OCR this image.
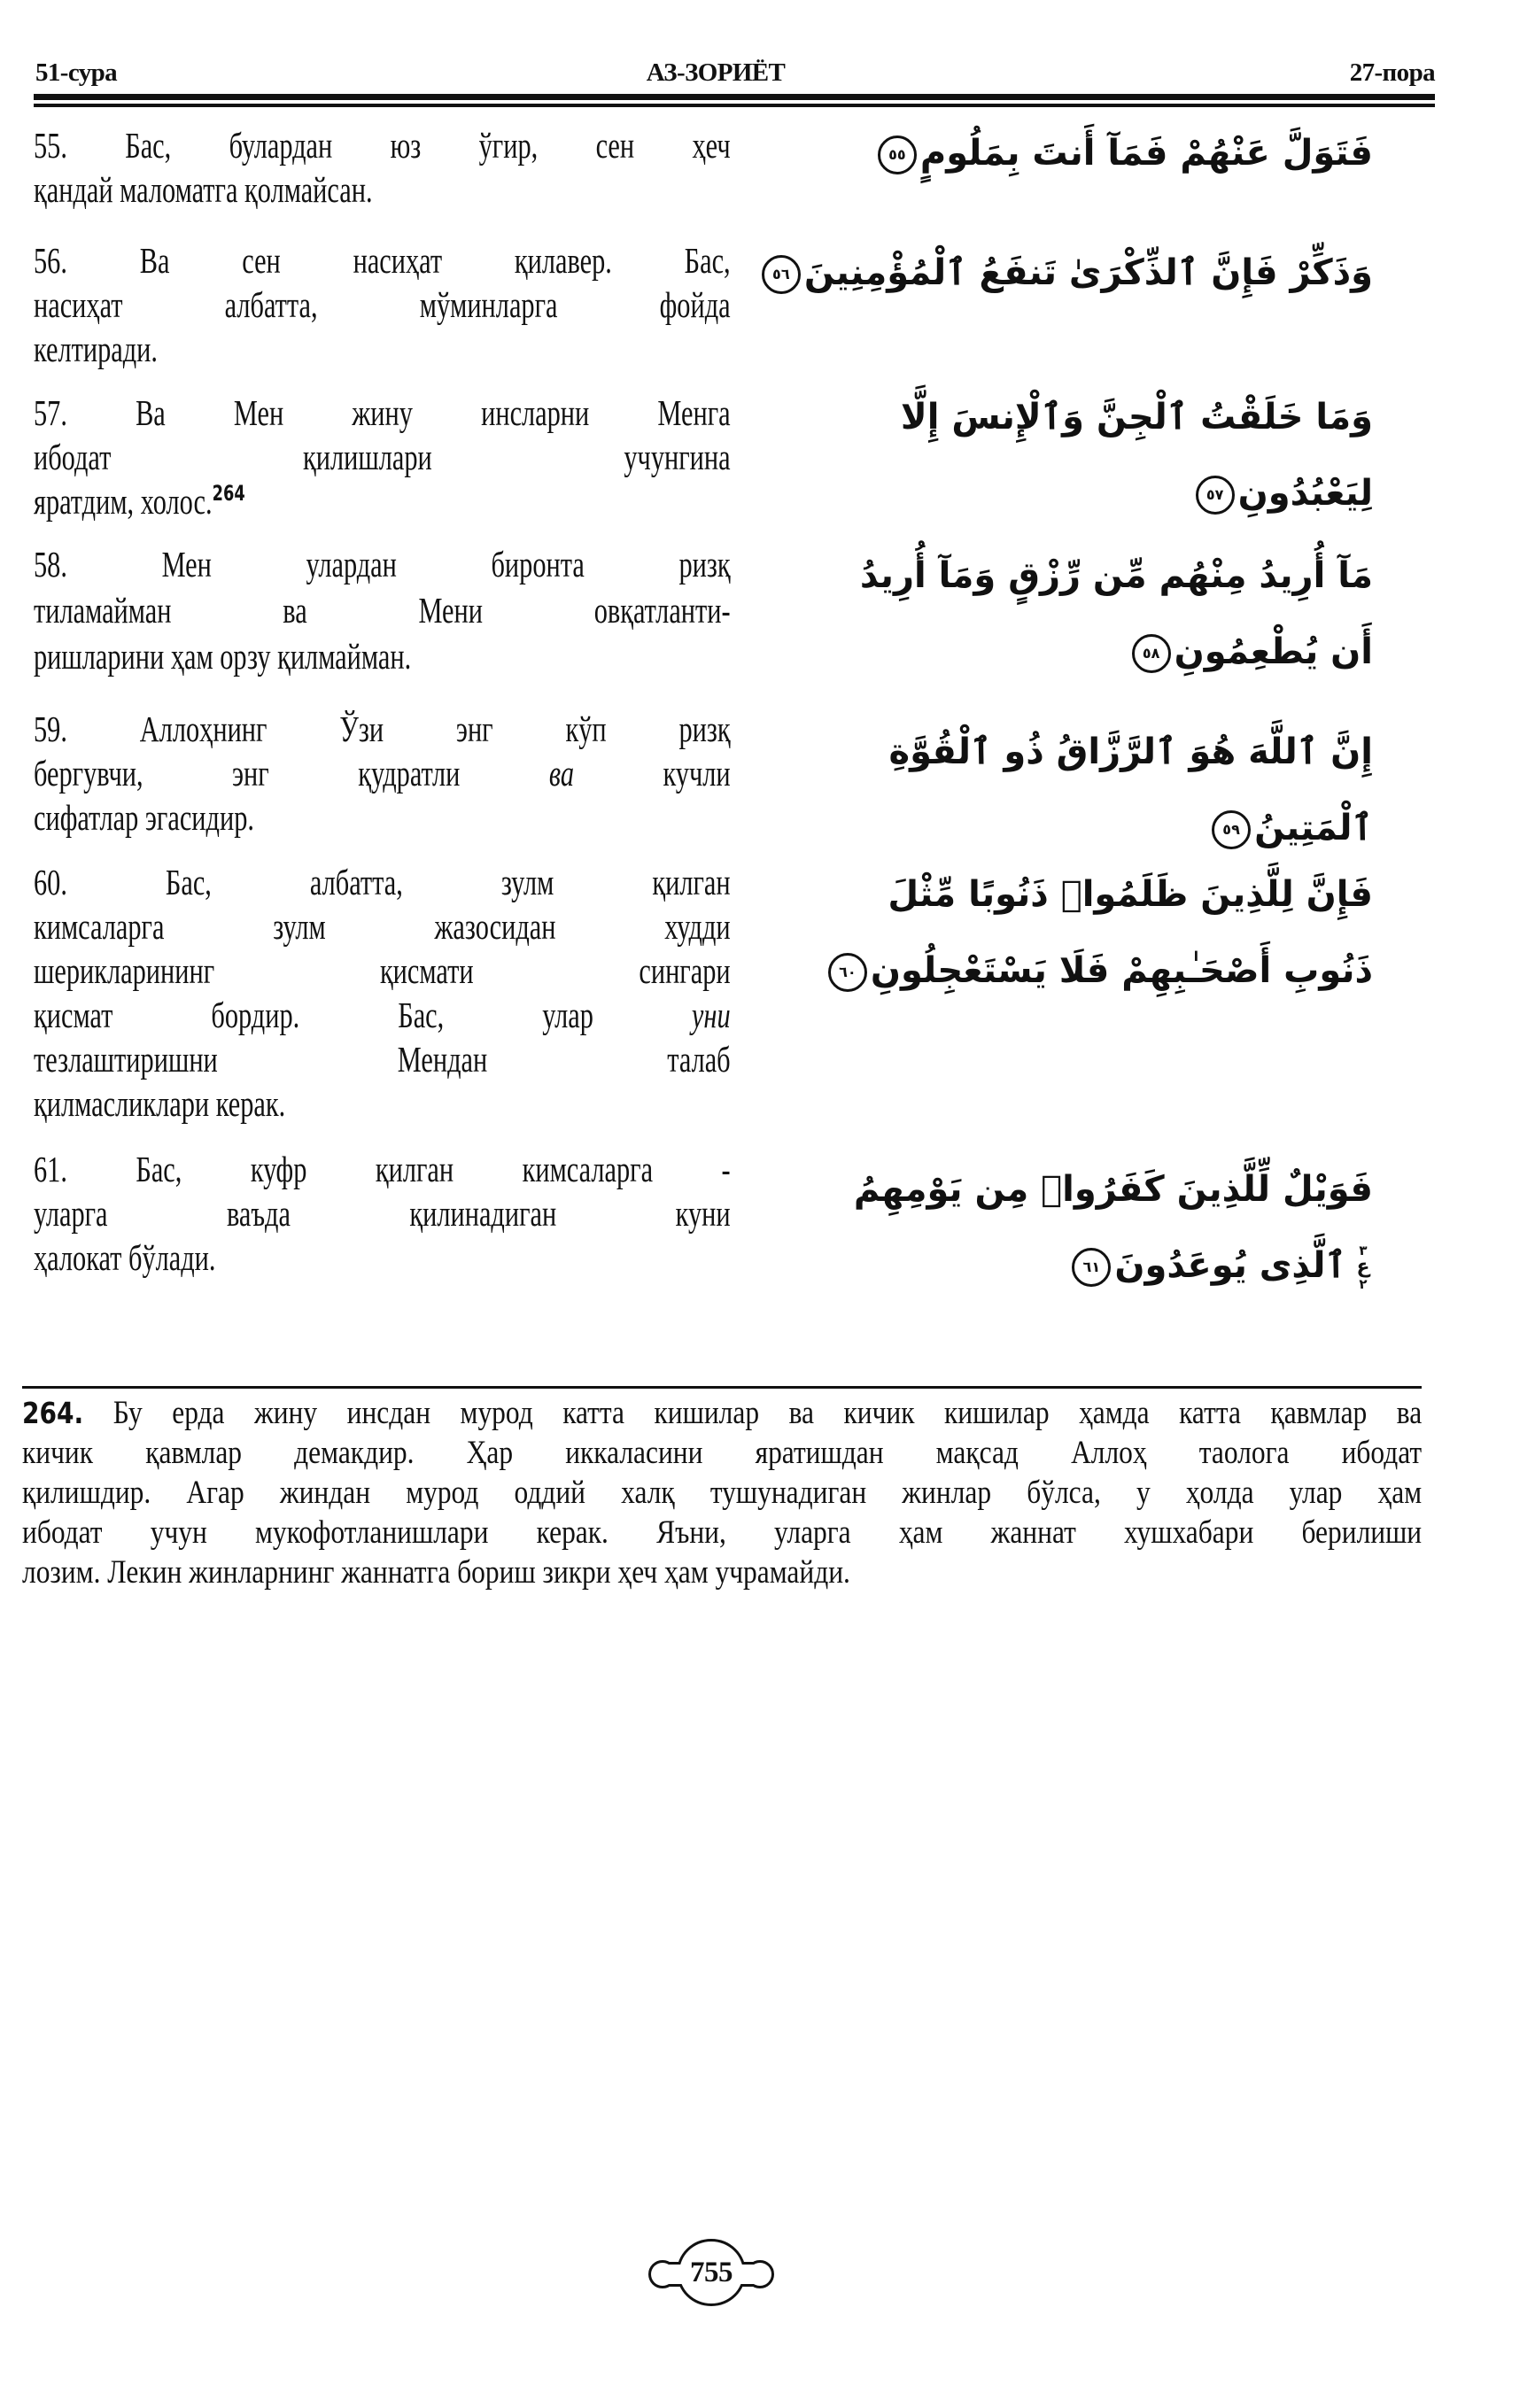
51-сура	АЗ-ЗОРИЁТ	27-пора
55. Бас, булардан юз ўгир, сен ҳеч
қандай маломатга қолмайсан.
56. Ва сен насиҳат қилавер. Бас,
насиҳат албатта, мўминларга фойда
келтиради.
57. Ва Мен жину инсларни Менга
ибодат қилишлари учунгина
яратдим, холос.$^{264}$
58.	Мен улардан биронта ризқ
тиламайман ва Мени овқатланти-
ришларини ҳам орзу қилмайман.
59. Аллоҳнинг Ўзи энг кўп ризқ
бергувчи, энг қудратли ва кучли
сифатлар эгасидир.
60.	Бас, албатта, зулм қилган
кимсаларга зулм жазосидан худди
шерикларининг қисмати сингари
қисмат бордир. Бас, улар уни
тезлаштиришни Мендан талаб
қилмасликлари керак.
61. Бас, куфр қилган кимсаларга -
уларга ваъда қилинадиган куни
ҳалокат бўлади.
فَتَوَلَّ عَنْهُمْ فَمَآ أَنتَ بِمَلُومٍ٥٥
وَذَكِّرْ فَإِنَّ ٱلذِّكْرَىٰ تَنفَعُ ٱلْمُؤْمِنِينَ٥٦
وَمَا خَلَقْتُ ٱلْجِنَّ وَٱلْإِنسَ إِلَّا
لِيَعْبُدُونِ٥٧
مَآ أُرِيدُ مِنْهُم مِّن رِّزْقٍ وَمَآ أُرِيدُ
أَن يُطْعِمُونِ٥٨
إِنَّ ٱللَّهَ هُوَ ٱلرَّزَّاقُ ذُو ٱلْقُوَّةِ
ٱلْمَتِينُ٥٩
فَإِنَّ لِلَّذِينَ ظَلَمُوا۟ ذَنُوبًا مِّثْلَ
ذَنُوبِ أَصْحَـٰبِهِمْ فَلَا يَسْتَعْجِلُونِ٦٠
فَوَيْلٌ لِّلَّذِينَ كَفَرُوا۟ مِن يَوْمِهِمُ
٣
ع
٢
ٱلَّذِى يُوعَدُونَ٦١
264. Бу ерда жину инсдан мурод катта кишилар ва кичик кишилар ҳамда катта қавмлар ва
кичик қавмлар демакдир. Ҳар иккаласини яратишдан мақсад Аллоҳ таолога ибодат
қилишдир. Агар жиндан мурод оддий халқ тушунадиган жинлар бўлса, у ҳолда улар ҳам
ибодат учун мукофотланишлари керак. Яъни, уларга ҳам жаннат хушхабари берилиши
лозим. Лекин жинларнинг жаннатга бориш зикри ҳеч ҳам учрамайди.
755
